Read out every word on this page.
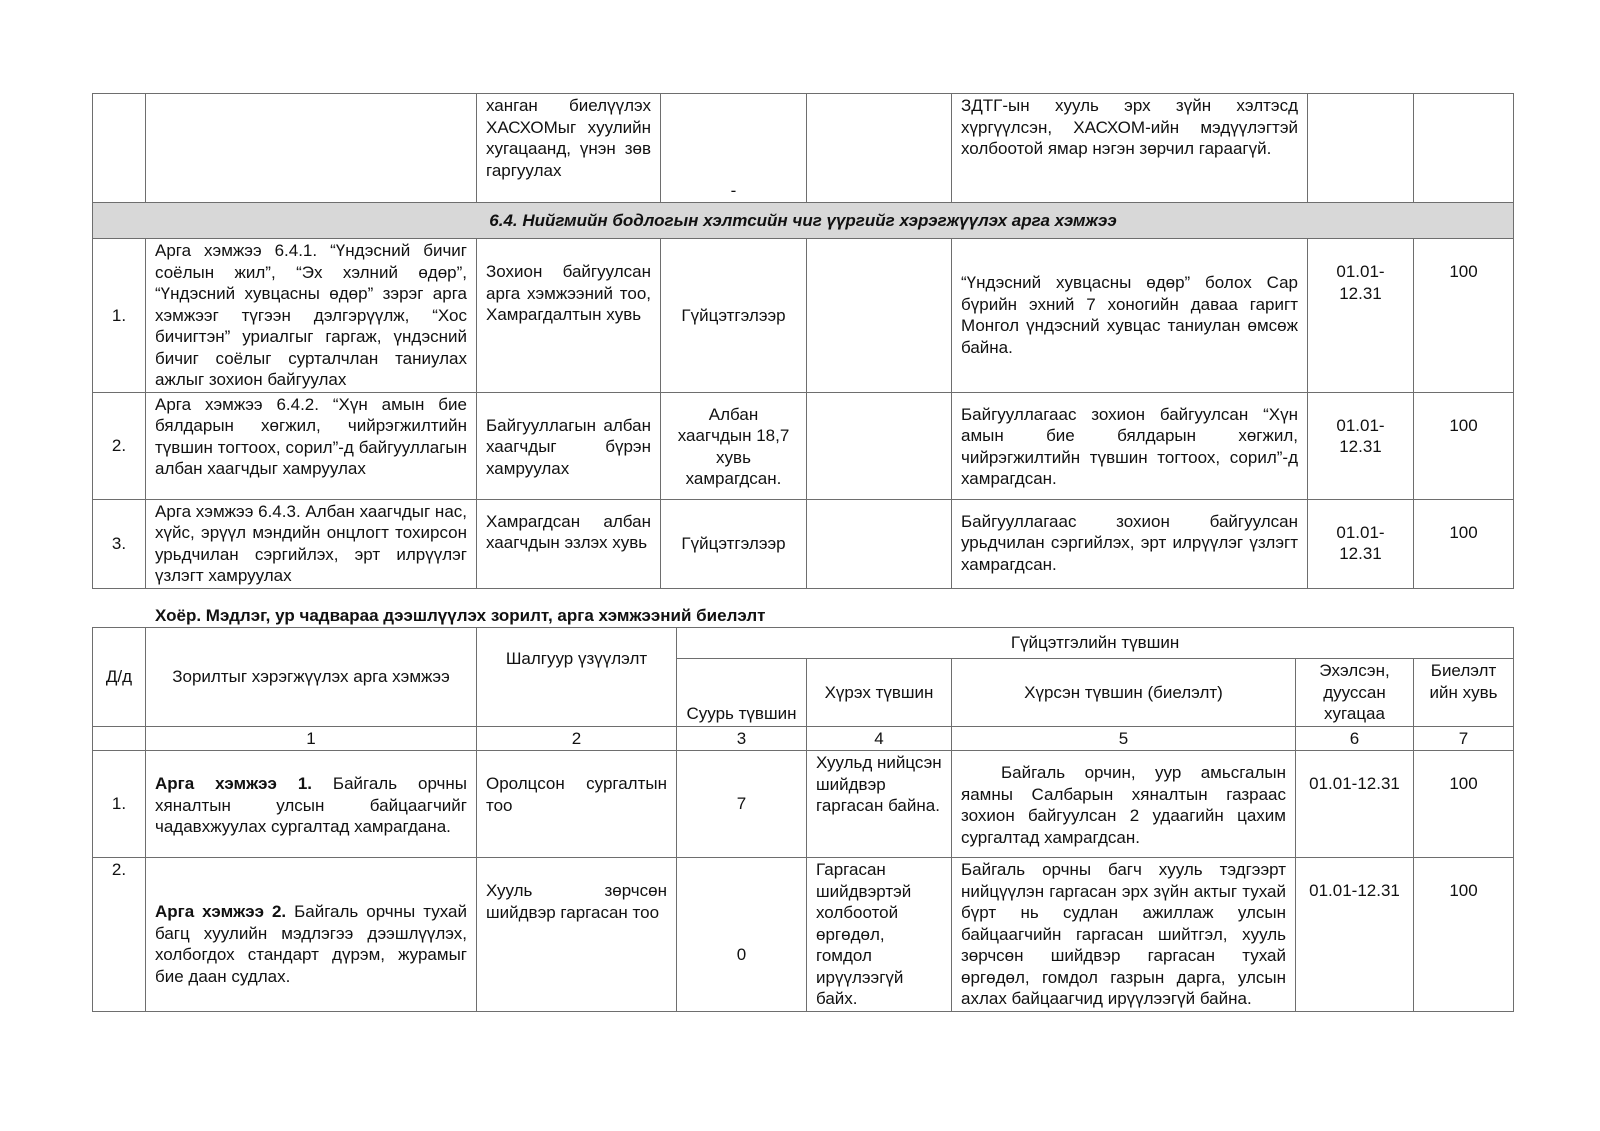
		ханган биелүүлэх ХАСХОМыг хуулийн хугацаанд, үнэн зөв гаргуулах	-		ЗДТГ-ын хууль эрх зүйн хэлтэсд хүргүүлсэн, ХАСХОМ-ийн мэдүүлэгтэй холбоотой ямар нэгэн зөрчил гараагүй.		
6.4. Нийгмийн бодлогын хэлтсийн чиг үүргийг хэрэгжүүлэх арга хэмжээ							
1.	Арга хэмжээ 6.4.1. “Үндэсний бичиг соёлын жил”, “Эх хэлний өдөр”, “Үндэсний хувцасны өдөр” зэрэг арга хэмжээг түгээн дэлгэрүүлж, “Хос бичигтэн” уриалгыг гаргаж, үндэсний бичиг соёлыг сурталчлан таниулах ажлыг зохион байгуулах	Зохион байгуулсан арга хэмжээний тоо, Хамрагдалтын хувь	Гүйцэтгэлээр		“Үндэсний хувцасны өдөр” болох Сар бүрийн эхний 7 хоногийн даваа гаригт Монгол үндэсний хувцас таниулан өмсөж байна.	01.01-12.31	100
2.	Арга хэмжээ 6.4.2. “Хүн амын бие бялдарын хөгжил, чийрэгжилтийн түвшин тогтоох, сорил”-д байгууллагын албан хаагчдыг хамруулах	Байгууллагын албан хаагчдыг бүрэн хамруулах	Албан хаагчдын 18,7 хувь хамрагдсан.		Байгууллагаас зохион байгуулсан “Хүн амын бие бялдарын хөгжил, чийрэгжилтийн түвшин тогтоох, сорил”-д хамрагдсан.	01.01-12.31	100
3.	Арга хэмжээ 6.4.3. Албан хаагчдыг нас, хүйс, эрүүл мэндийн онцлогт тохирсон урьдчилан сэргийлэх, эрт илрүүлэг үзлэгт хамруулах	Хамрагдсан албан хаагчдын эзлэх хувь	Гүйцэтгэлээр		Байгууллагаас зохион байгуулсан урьдчилан сэргийлэх, эрт илрүүлэг үзлэгт хамрагдсан.	01.01-12.31	100
Хоёр. Мэдлэг, ур чадвараа дээшлүүлэх зорилт, арга хэмжээний биелэлт
Д/д	Зорилтыг хэрэгжүүлэх арга хэмжээ	Шалгуур үзүүлэлт	Гүйцэтгэлийн түвшин				
			Суурь түвшин	Хүрэх түвшин	Хүрсэн түвшин (биелэлт)	Эхэлсэн, дууссан хугацаа	Биелэлт ийн хувь
	1	2	3	4	5	6	7
1.	Арга хэмжээ 1. Байгаль орчны хяналтын улсын байцаагчийг чадавхжуулах сургалтад хамрагдана.	Оролцсон сургалтын тоо	7	Хуульд нийцсэн шийдвэр гаргасан байна.	Байгаль орчин, уур амьсгалын яамны Салбарын хяналтын газраас зохион байгуулсан 2 удаагийн цахим сургалтад хамрагдсан.	01.01-12.31	100
2.	Арга хэмжээ 2. Байгаль орчны тухай багц хуулийн мэдлэгээ дээшлүүлэх, холбогдох стандарт дүрэм, журамыг бие даан судлах.	Хууль зөрчсөн шийдвэр гаргасан тоо	0	Гаргасан шийдвэртэй холбоотой өргөдөл, гомдол ирүүлээгүй байх.	Байгаль орчны багч хууль тэдгээрт нийцүүлэн гаргасан эрх зүйн актыг тухай бүрт нь судлан ажиллаж улсын байцаагчийн гаргасан шийтгэл, хууль зөрчсөн шийдвэр гаргасан тухай өргөдөл, гомдол газрын дарга, улсын ахлах байцаагчид ирүүлээгүй байна.	01.01-12.31	100
